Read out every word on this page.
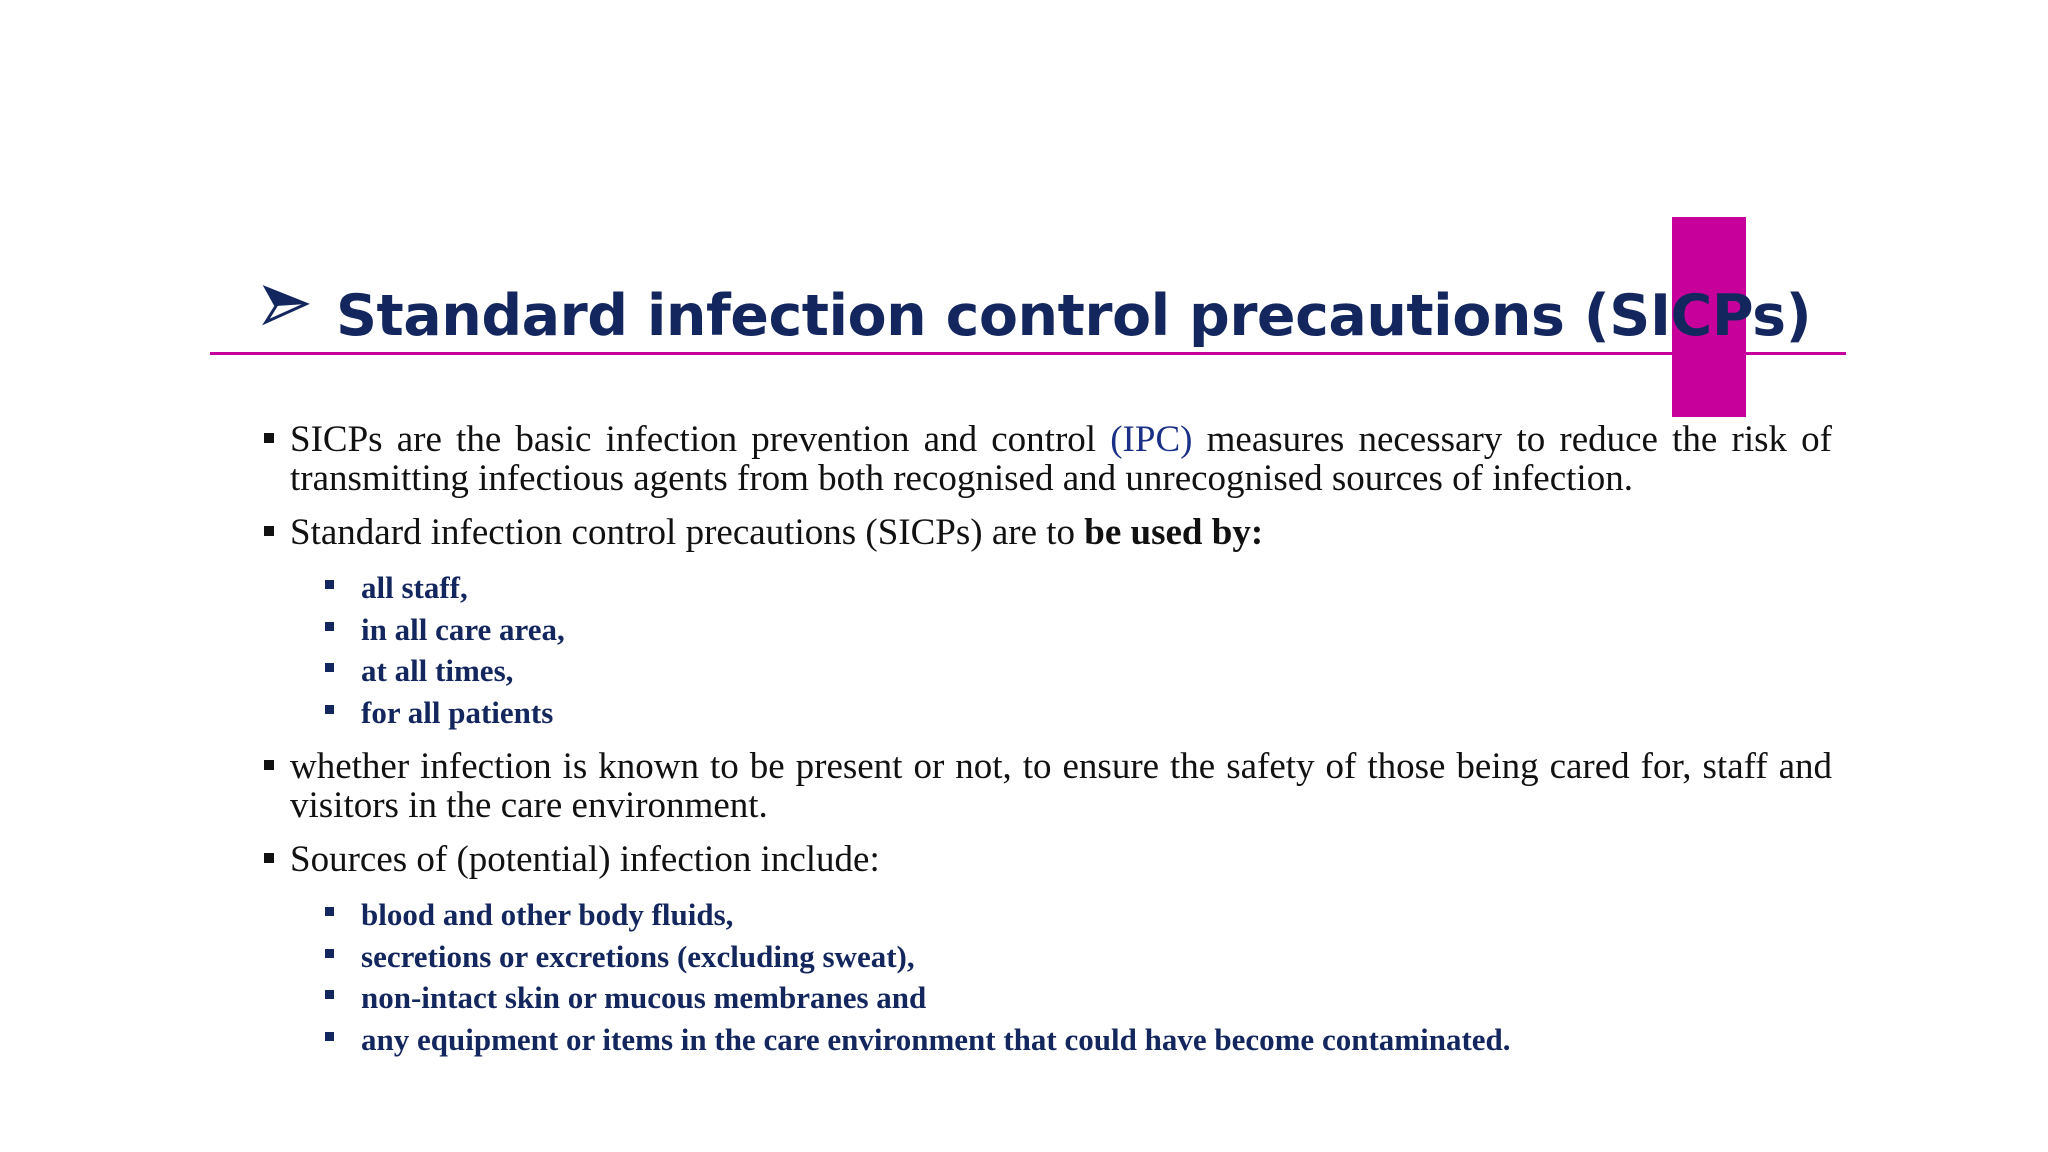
Standard infection control precautions (SICPs)
SICPs are the basic infection prevention and control (IPC) measures necessary to reduce the risk of transmitting infectious agents from both recognised and unrecognised sources of infection.
Standard infection control precautions (SICPs) are to be used by:
all staff,
in all care area,
at all times,
for all patients
whether infection is known to be present or not, to ensure the safety of those being cared for, staff and visitors in the care environment.
Sources of (potential) infection include:
blood and other body fluids,
secretions or excretions (excluding sweat),
non-intact skin or mucous membranes and
any equipment or items in the care environment that could have become contaminated.
